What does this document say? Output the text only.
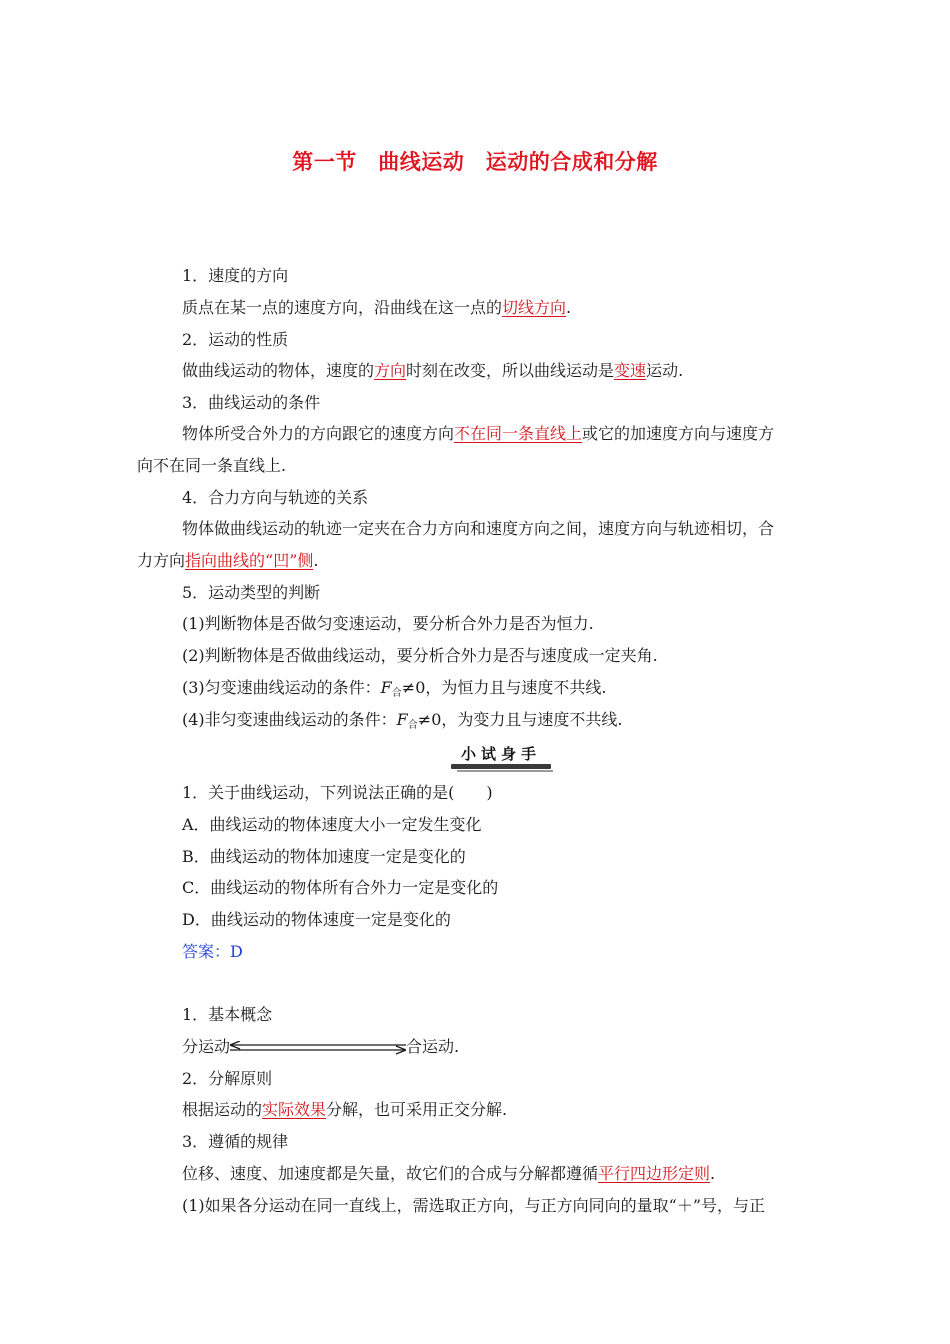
第一节　曲线运动　运动的合成和分解
1．速度的方向
质点在某一点的速度方向，沿曲线在这一点的切线方向.
2．运动的性质
做曲线运动的物体，速度的方向时刻在改变，所以曲线运动是变速运动.
3．曲线运动的条件
物体所受合外力的方向跟它的速度方向不在同一条直线上或它的加速度方向与速度方
向不在同一条直线上.
4．合力方向与轨迹的关系
物体做曲线运动的轨迹一定夹在合力方向和速度方向之间，速度方向与轨迹相切，合
力方向指向曲线的“凹”侧.
5．运动类型的判断
(1)判断物体是否做匀变速运动，要分析合外力是否为恒力.
(2)判断物体是否做曲线运动，要分析合外力是否与速度成一定夹角.
(3)匀变速曲线运动的条件：$F_合\ne 0$，为恒力且与速度不共线.
(4)非匀变速曲线运动的条件：$F_合\ne 0$，为变力且与速度不共线.
小试身手
1．关于曲线运动，下列说法正确的是(　　)
A．曲线运动的物体速度大小一定发生变化
B．曲线运动的物体加速度一定是变化的
C．曲线运动的物体所有合外力一定是变化的
D．曲线运动的物体速度一定是变化的
答案：D
1．基本概念
分运动	合运动.
2．分解原则
根据运动的实际效果分解，也可采用正交分解.
3．遵循的规律
位移、速度、加速度都是矢量，故它们的合成与分解都遵循平行四边形定则.
(1)如果各分运动在同一直线上，需选取正方向，与正方向同向的量取“＋”号，与正
